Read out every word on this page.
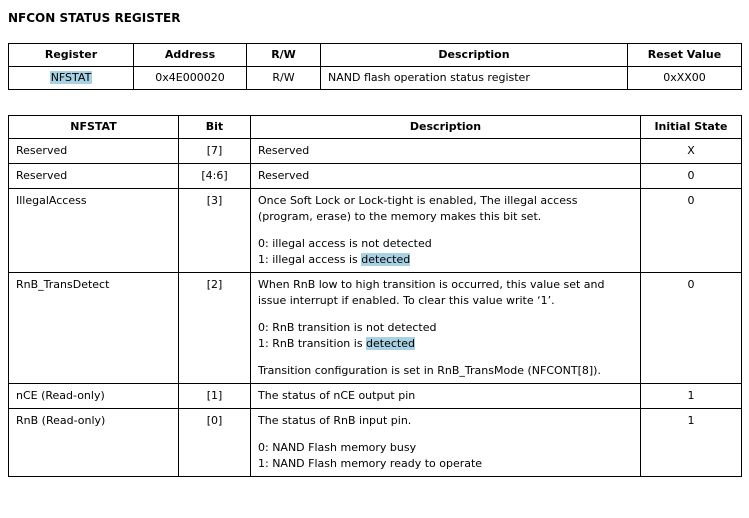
NFCON STATUS REGISTER
Register	Address	R/W	Description	Reset Value
NFSTAT	0x4E000020	R/W	NAND flash operation status register	0xXX00
NFSTAT	Bit	Description	Initial State
Reserved	[7]	Reserved	X
Reserved	[4:6]	Reserved	0
IllegalAccess	[3]	Once Soft Lock or Lock-tight is enabled, The illegal access (program, erase) to the memory makes this bit set.
0: illegal access is not detected
1: illegal access is detected	0
RnB_TransDetect	[2]	When RnB low to high transition is occurred, this value set and issue interrupt if enabled. To clear this value write ‘1’.
0: RnB transition is not detected
1: RnB transition is detected
Transition configuration is set in RnB_TransMode (NFCONT[8]).	0
nCE (Read-only)	[1]	The status of nCE output pin	1
RnB (Read-only)	[0]	The status of RnB input pin.
0: NAND Flash memory busy
1: NAND Flash memory ready to operate	1
